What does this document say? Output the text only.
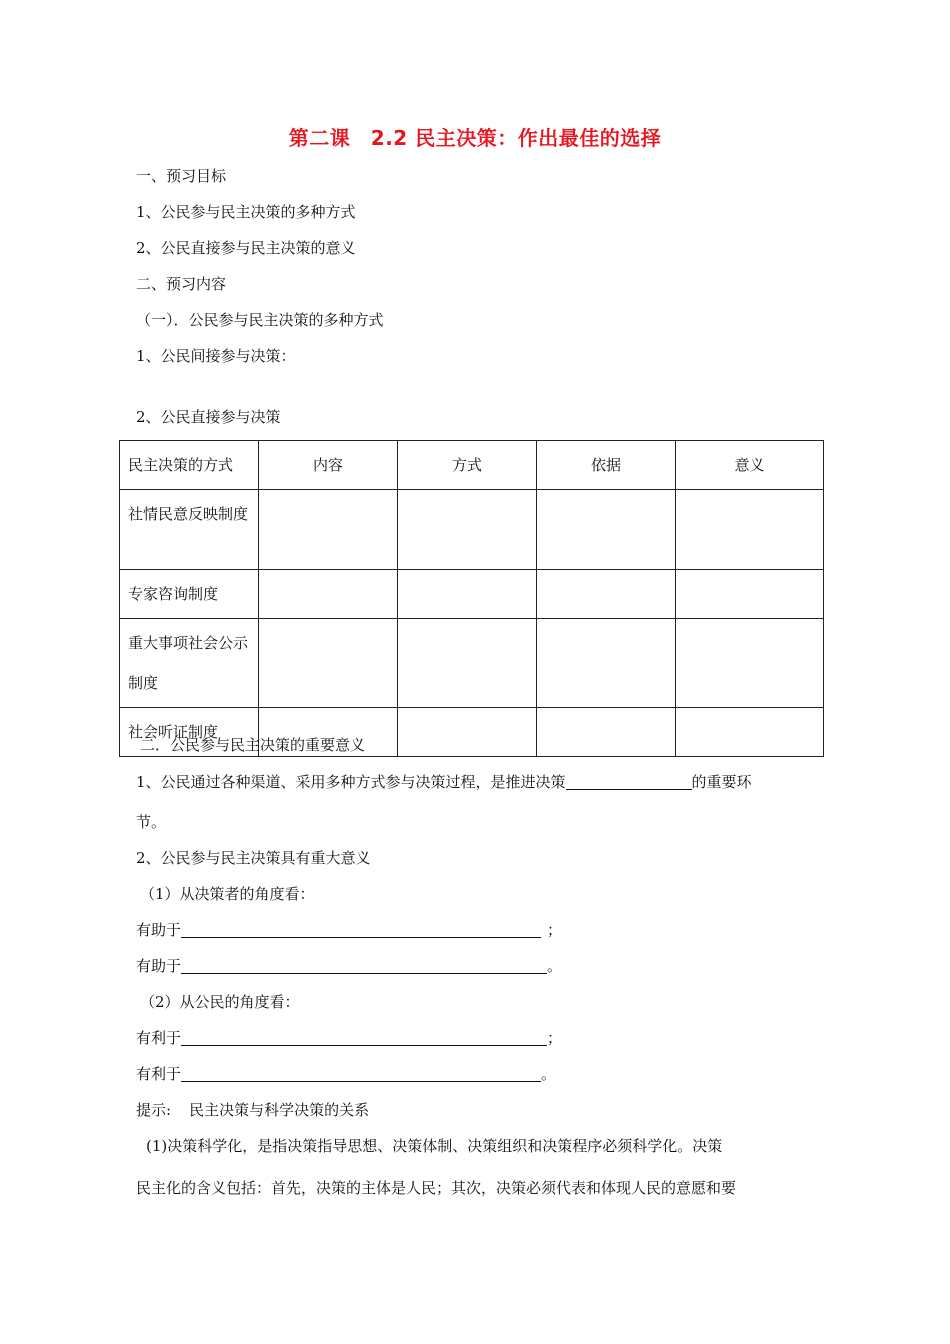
第二课　2.2 民主决策：作出最佳的选择
一、预习目标
1、公民参与民主决策的多种方式
2、公民直接参与民主决策的意义
二、预习内容
（一）．公民参与民主决策的多种方式
1、公民间接参与决策：
2、公民直接参与决策
民主决策的方式	内容	方式	依据	意义
社情民意反映制度				
专家咨询制度				
重大事项社会公示制度				
社会听证制度				
二．公民参与民主决策的重要意义
1、公民通过各种渠道、采用多种方式参与决策过程，是推进决策	的重要环
节。
2、公民参与民主决策具有重大意义
（1）从决策者的角度看：
有助于	；
有助于	。
（2）从公民的角度看：
有利于	；
有利于	。
提示: 民主决策与科学决策的关系
(1)决策科学化，是指决策指导思想、决策体制、决策组织和决策程序必须科学化。决策
民主化的含义包括：首先，决策的主体是人民；其次，决策必须代表和体现人民的意愿和要
